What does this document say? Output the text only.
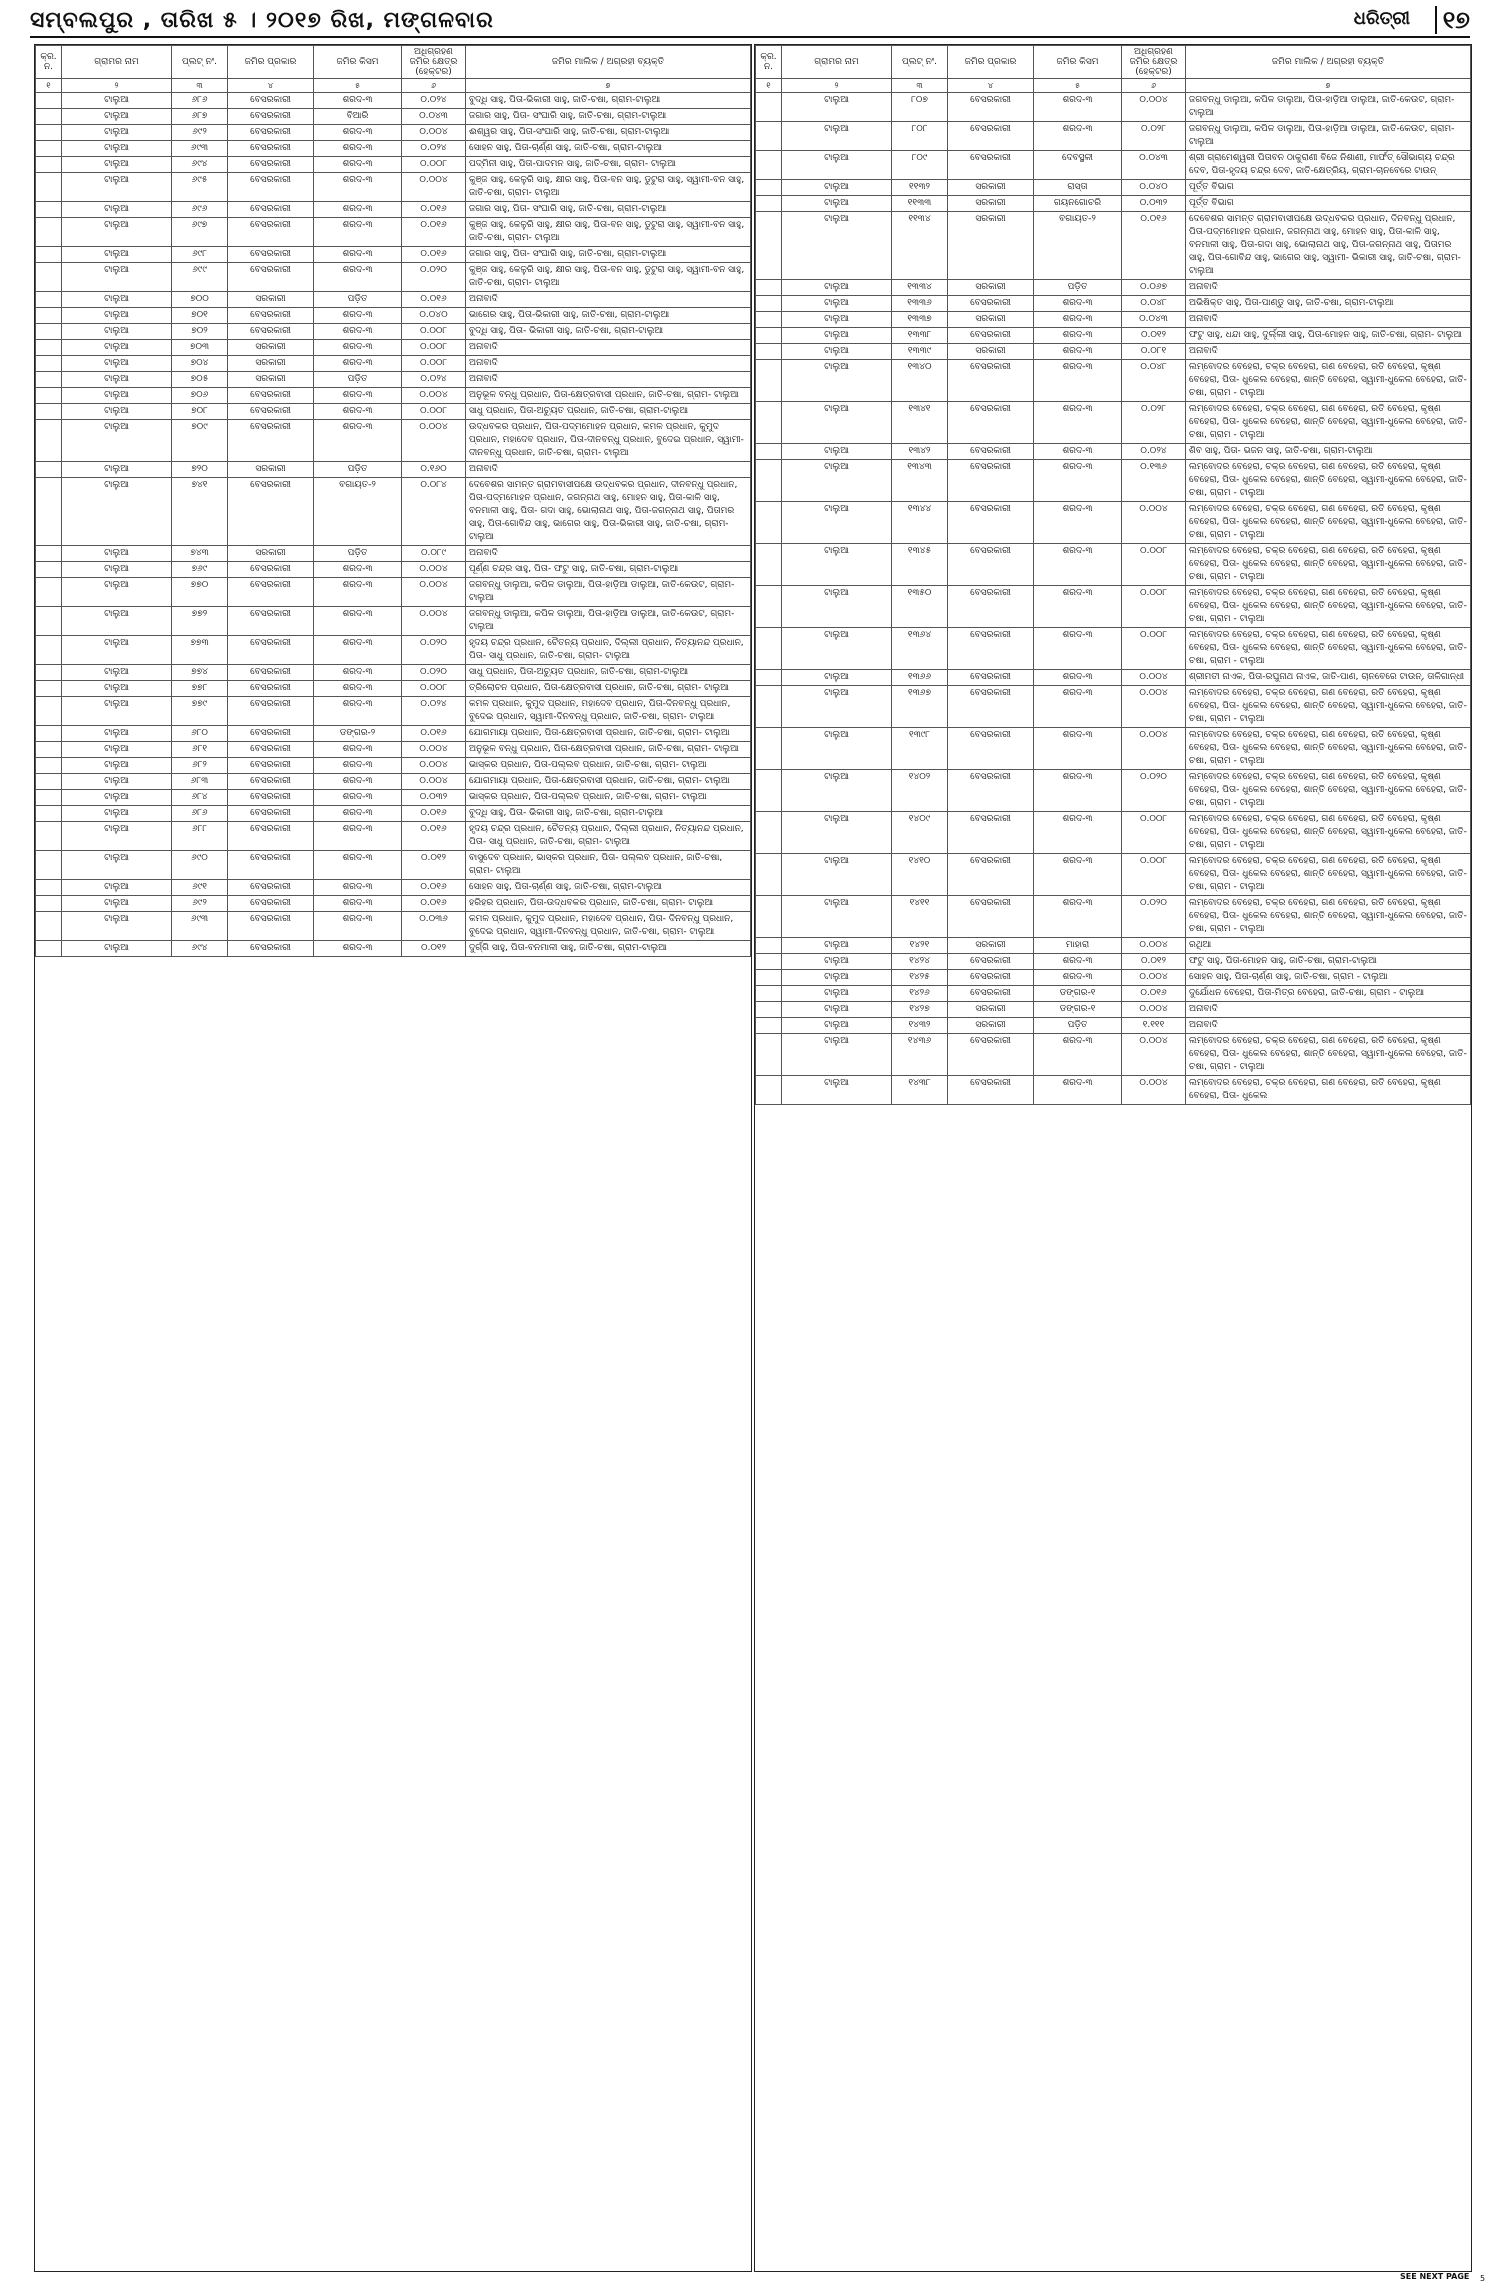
ସମ୍ବଲପୁର , ତାରିଖ ୫ । ୨୦୧୭ ରିଖ, ମଙ୍ଗଳବାର	ଧରିତ୍ରୀ	୧୭
କ୍ର. ନ.	ଗ୍ରାମର ନାମ	ପ୍ଲଟ୍ ନଂ.	ଜମିର ପ୍ରକାର	ଜମିର କିସମ	ଅଧିଗ୍ରହଣ ଜମିର କ୍ଷେତ୍ର (ହେକ୍ଟର)	ଜମିର ମାଲିକ / ଅଗ୍ରହୀ ବ୍ୟକ୍ତି
୧	୨	୩	୪	୫	୬	୭
	ଟାଲୁଆ	୬୮୬	ବେସରକାରୀ	ଶରଦ-୩	୦.୦୨୪	ବୁଦ୍ଧି ସାହୁ, ପିତା-ଭିକାରୀ ସାହୁ, ଜାତି-ଚଷା, ଗ୍ରାମ-ଟାଲୁଆ
	ଟାଲୁଆ	୬୮୭	ବେସରକାରୀ	ବିଆରି	୦.୦୪୩	ଜଗାର ସାହୁ, ପିତା- ସଂଘାରି ସାହୁ, ଜାତି-ଚଷା, ଗ୍ରାମ-ଟାଲୁଆ
	ଟାଲୁଆ	୬୯୨	ବେସରକାରୀ	ଶରଦ-୩	୦.୦୦୪	ଈଶ୍ୱର ସାହୁ, ପିତା-ସଂଘାରି ସାହୁ, ଜାତି-ଚଷା, ଗ୍ରାମ-ଟାଲୁଆ
	ଟାଲୁଆ	୬୯୩	ବେସରକାରୀ	ଶରଦ-୩	୦.୦୨୪	ସୋହନ ସାହୁ, ପିତା-ଚାର୍ଣ୍ଣ ସାହୁ, ଜାତି-ଚଷା, ଗ୍ରାମ-ଟାଲୁଆ
	ଟାଲୁଆ	୬୯୪	ବେସରକାରୀ	ଶରଦ-୩	୦.୦୦୮	ପଦ୍ମିନୀ ସାହୁ, ପିତା-ପାଦମନ ସାହୁ, ଜାତି-ଚଷା, ଗ୍ରାମ- ଟାଲୁଆ
	ଟାଲୁଆ	୬୯୫	ବେସରକାରୀ	ଶରଦ-୩	୦.୦୦୪	କୁଞ୍ଜ ସାହୁ, କେଳୁରି ସାହୁ, କ୍ଷୀର ସାହୁ, ପିତା-ବନ ସାହୁ, ଡୁଟୁରା ସାହୁ, ସ୍ୱାମୀ-ବନ ସାହୁ, ଜାତି-ଚଷା, ଗ୍ରାମ- ଟାଲୁଆ
	ଟାଲୁଆ	୬୯୬	ବେସରକାରୀ	ଶରଦ-୩	୦.୦୧୬	ଜଗାର ସାହୁ, ପିତା- ସଂଘାରି ସାହୁ, ଜାତି-ଚଷା, ଗ୍ରାମ-ଟାଲୁଆ
	ଟାଲୁଆ	୬୯୭	ବେସରକାରୀ	ଶରଦ-୩	୦.୦୧୬	କୁଞ୍ଜ ସାହୁ, କେଳୁରି ସାହୁ, କ୍ଷୀର ସାହୁ, ପିତା-ବନ ସାହୁ, ଡୁଟୁରା ସାହୁ, ସ୍ୱାମୀ-ବନ ସାହୁ, ଜାତି-ଚଷା, ଗ୍ରାମ- ଟାଲୁଆ
	ଟାଲୁଆ	୬୯୮	ବେସରକାରୀ	ଶରଦ-୩	୦.୦୧୬	ଜଗାର ସାହୁ, ପିତା- ସଂଘାରି ସାହୁ, ଜାତି-ଚଷା, ଗ୍ରାମ-ଟାଲୁଆ
	ଟାଲୁଆ	୬୯୯	ବେସରକାରୀ	ଶରଦ-୩	୦.୦୨୦	କୁଞ୍ଜ ସାହୁ, କେଳୁରି ସାହୁ, କ୍ଷୀର ସାହୁ, ପିତା-ବନ ସାହୁ, ଡୁଟୁରା ସାହୁ, ସ୍ୱାମୀ-ବନ ସାହୁ, ଜାତି-ଚଷା, ଗ୍ରାମ- ଟାଲୁଆ
	ଟାଲୁଆ	୭୦୦	ସରକାରୀ	ପଡ଼ିତ	୦.୦୧୬	ଅନାବାଦି
	ଟାଲୁଆ	୭୦୧	ବେସରକାରୀ	ଶରଦ-୩	୦.୦୪୦	ଭାଗେର ସାହୁ, ପିତା-ଭିକାରୀ ସାହୁ, ଜାତି-ଚଷା, ଗ୍ରାମ-ଟାଲୁଆ
	ଟାଲୁଆ	୭୦୨	ବେସରକାରୀ	ଶରଦ-୩	୦.୦୦୮	ବୁଦ୍ଧି ସାହୁ, ପିତା- ଭିକାରୀ ସାହୁ, ଜାତି-ଚଷା, ଗ୍ରାମ-ଟାଲୁଆ
	ଟାଲୁଆ	୭୦୩	ସରକାରୀ	ଶରଦ-୩	୦.୦୦୮	ଅନାବାଦି
	ଟାଲୁଆ	୭୦୪	ସରକାରୀ	ଶରଦ-୩	୦.୦୦୮	ଅନାବାଦି
	ଟାଲୁଆ	୭୦୫	ସରକାରୀ	ପଡ଼ିତ	୦.୦୨୪	ଅନାବାଦି
	ଟାଲୁଆ	୭୦୬	ବେସରକାରୀ	ଶରଦ-୩	୦.୦୦୪	ଅନୁଭୂଳ ବନ୍ଧୁ ପ୍ରଧାନ, ପିତା-କ୍ଷେତ୍ରବାସୀ ପ୍ରଧାନ, ଜାତି-ଚଷା, ଗ୍ରାମ- ଟାଲୁଆ
	ଟାଲୁଆ	୭୦୮	ବେସରକାରୀ	ଶରଦ-୩	୦.୦୦୮	ସାଧୁ ପ୍ରଧାନ, ପିତା-ଅଚ୍ୟୁତ ପ୍ରଧାନ, ଜାତି-ଚଷା, ଗ୍ରାମ-ଟାଲୁଆ
	ଟାଲୁଆ	୭୦୯	ବେସରକାରୀ	ଶରଦ-୩	୦.୦୦୪	ଉଦ୍ଧବକର ପ୍ରଧାନ, ପିତା-ପଦ୍ମମୋହନ ପ୍ରଧାନ, କମଳ ପ୍ରଧାନ, କୁମୁଦ ପ୍ରଧାନ, ମହାଦେବ ପ୍ରଧାନ, ପିତା-ଦୀନବନ୍ଧୁ ପ୍ରଧାନ, ବୁଦେଇ ପ୍ରଧାନ, ସ୍ୱାମୀ-ଦୀନବନ୍ଧୁ ପ୍ରଧାନ, ଜାତି-ଚଷା, ଗ୍ରାମ- ଟାଲୁଆ
	ଟାଲୁଆ	୭୨୦	ସରକାରୀ	ପଡ଼ିତ	୦.୧୬୦	ଅନାବାଦି
	ଟାଲୁଆ	୭୪୧	ବେସରକାରୀ	ବଗାୟତ-୨	୦.୦୮୪	ଦେବେଶର ସାମନ୍ତ ଗ୍ରାମବାସୀପକ୍ଷେ ଉଦ୍ଧବକର ପ୍ରଧାନ, ଦୀନବନ୍ଧୁ ପ୍ରଧାନ, ପିତା-ପଦ୍ମମୋହନ ପ୍ରଧାନ, ଜଗନ୍ନାଥ ସାହୁ, ମୋହନ ସାହୁ, ପିତା-କାଳି ସାହୁ, ବନମାଳୀ ସାହୁ, ପିତା- ଗଦା ସାହୁ, ଭୋଲାନାଥ ସାହୁ, ପିତା-ଜଗନ୍ନାଥ ସାହୁ, ପିତାମର ସାହୁ, ପିତା-ଗୋବିନ୍ଦ ସାହୁ, ଭାଗେର ସାହୁ, ପିତା-ଭିକାରୀ ସାହୁ, ଜାତି-ଚଷା, ଗ୍ରାମ- ଟାଲୁଆ
	ଟାଲୁଆ	୭୪୩	ସରକାରୀ	ପଡ଼ିତ	୦.୦୮୯	ଅନାବାଦି
	ଟାଲୁଆ	୭୬୯	ବେସରକାରୀ	ଶରଦ-୩	୦.୦୦୪	ପୂର୍ଣ୍ଣ ଚନ୍ଦ୍ର ସାହୁ, ପିତା- ଫଟୁ ସାହୁ, ଜାତି-ଚଷା, ଗ୍ରାମ-ଟାଲୁଆ
	ଟାଲୁଆ	୭୭୦	ବେସରକାରୀ	ଶରଦ-୩	୦.୦୦୪	ଜଗବନ୍ଧୁ ଡାଲୁଆ, କପିଳ ଡାଲୁଆ, ପିତା-ହାଡ଼ିଆ ଡାଲୁଆ, ଜାତି-କେଉଟ, ଗ୍ରାମ- ଟାଲୁଆ
	ଟାଲୁଆ	୭୭୨	ବେସରକାରୀ	ଶରଦ-୩	୦.୦୦୪	ଜଗବନ୍ଧୁ ଡାଲୁଆ, କପିଳ ଡାଲୁଆ, ପିତା-ହାଡ଼ିଆ ଡାଲୁଆ, ଜାତି-କେଉଟ, ଗ୍ରାମ- ଟାଲୁଆ
	ଟାଲୁଆ	୭୭୩	ବେସରକାରୀ	ଶରଦ-୩	୦.୦୨୦	ହୃଦୟ ଚନ୍ଦ୍ର ପ୍ରଧାନ, ଚୈତନ୍ୟ ପ୍ରଧାନ, ଦିଲ୍ଲୀ ପ୍ରଧାନ, ନିତ୍ୟାନନ୍ଦ ପ୍ରଧାନ, ପିତା- ସାଧୁ ପ୍ରଧାନ, ଜାତି-ଚଷା, ଗ୍ରାମ- ଟାଲୁଆ
	ଟାଲୁଆ	୭୭୪	ବେସରକାରୀ	ଶରଦ-୩	୦.୦୨୦	ସାଧୁ ପ୍ରଧାନ, ପିତା-ଅଚ୍ୟୁତ ପ୍ରଧାନ, ଜାତି-ଚଷା, ଗ୍ରାମ-ଟାଲୁଆ
	ଟାଲୁଆ	୭୭୮	ବେସରକାରୀ	ଶରଦ-୩	୦.୦୦୮	ତ୍ରିଲୋଚନ ପ୍ରଧାନ, ପିତା-କ୍ଷେତ୍ରବାସୀ ପ୍ରଧାନ, ଜାତି-ଚଷା, ଗ୍ରାମ- ଟାଲୁଆ
	ଟାଲୁଆ	୭୭୯	ବେସରକାରୀ	ଶରଦ-୩	୦.୦୨୪	କମଳ ପ୍ରଧାନ, କୁମୁଦ ପ୍ରଧାନ, ମହାଦେବ ପ୍ରଧାନ, ପିତା-ଦିନବନ୍ଧୁ ପ୍ରଧାନ, ବୁଦେଇ ପ୍ରଧାନ, ସ୍ୱାମୀ-ଦିନବନ୍ଧୁ ପ୍ରଧାନ, ଜାତି-ଚଷା, ଗ୍ରାମ- ଟାଲୁଆ
	ଟାଲୁଆ	୬୮୦	ବେସରକାରୀ	ଡଙ୍ଗର-୨	୦.୦୧୬	ଯୋଗମାୟା ପ୍ରଧାନ, ପିତା-କ୍ଷେତ୍ରବାସୀ ପ୍ରଧାନ, ଜାତି-ଚଷା, ଗ୍ରାମ- ଟାଲୁଆ
	ଟାଲୁଆ	୬୮୧	ବେସରକାରୀ	ଶରଦ-୩	୦.୦୦୪	ଅନୁଭୂଳ ବନ୍ଧୁ ପ୍ରଧାନ, ପିତା-କ୍ଷେତ୍ରବାସୀ ପ୍ରଧାନ, ଜାତି-ଚଷା, ଗ୍ରାମ- ଟାଲୁଆ
	ଟାଲୁଆ	୬୮୨	ବେସରକାରୀ	ଶରଦ-୩	୦.୦୦୪	ଭାସ୍କର ପ୍ରଧାନ, ପିତା-ପଲ୍ଲବ ପ୍ରଧାନ, ଜାତି-ଚଷା, ଗ୍ରାମ- ଟାଲୁଆ
	ଟାଲୁଆ	୬୮୩	ବେସରକାରୀ	ଶରଦ-୩	୦.୦୦୪	ଯୋଗମାୟା ପ୍ରଧାନ, ପିତା-କ୍ଷେତ୍ରବାସୀ ପ୍ରଧାନ, ଜାତି-ଚଷା, ଗ୍ରାମ- ଟାଲୁଆ
	ଟାଲୁଆ	୬୮୪	ବେସରକାରୀ	ଶରଦ-୩	୦.୦୩୨	ଭାସ୍କର ପ୍ରଧାନ, ପିତା-ପଲ୍ଲବ ପ୍ରଧାନ, ଜାତି-ଚଷା, ଗ୍ରାମ- ଟାଲୁଆ
	ଟାଲୁଆ	୬୮୬	ବେସରକାରୀ	ଶରଦ-୩	୦.୦୧୬	ବୁଦ୍ଧି ସାହୁ, ପିତା- ଭିକାରୀ ସାହୁ, ଜାତି-ଚଷା, ଗ୍ରାମ-ଟାଲୁଆ
	ଟାଲୁଆ	୬୮୮	ବେସରକାରୀ	ଶରଦ-୩	୦.୦୧୬	ହୃଦୟ ଚନ୍ଦ୍ର ପ୍ରଧାନ, ଚୈତନ୍ୟ ପ୍ରଧାନ, ଦିଲ୍ଲୀ ପ୍ରଧାନ, ନିତ୍ୟାନନ୍ଦ ପ୍ରଧାନ, ପିତା- ସାଧୁ ପ୍ରଧାନ, ଜାତି-ଚଷା, ଗ୍ରାମ- ଟାଲୁଆ
	ଟାଲୁଆ	୬୯୦	ବେସରକାରୀ	ଶରଦ-୩	୦.୦୧୨	ବାସୁଦେବ ପ୍ରଧାନ, ଭାସ୍କର ପ୍ରଧାନ, ପିତା- ପଲ୍ଲବ ପ୍ରଧାନ, ଜାତି-ଚଷା, ଗ୍ରାମ- ଟାଲୁଆ
	ଟାଲୁଆ	୬୯୧	ବେସରକାରୀ	ଶରଦ-୩	୦.୦୧୬	ସୋହନ ସାହୁ, ପିତା-ଚାର୍ଣ୍ଣ ସାହୁ, ଜାତି-ଚଷା, ଗ୍ରାମ-ଟାଲୁଆ
	ଟାଲୁଆ	୬୯୨	ବେସରକାରୀ	ଶରଦ-୩	୦.୦୧୬	ହରିହର ପ୍ରଧାନ, ପିତା-ଉଦ୍ଧବକର ପ୍ରଧାନ, ଜାତି-ଚଷା, ଗ୍ରାମ- ଟାଲୁଆ
	ଟାଲୁଆ	୬୯୩	ବେସରକାରୀ	ଶରଦ-୩	୦.୦୩୬	କମଳ ପ୍ରଧାନ, କୁମୁଦ ପ୍ରଧାନ, ମହାଦେବ ପ୍ରଧାନ, ପିତା- ଦିନବନ୍ଧୁ ପ୍ରଧାନ, ବୁଦେଇ ପ୍ରଧାନ, ସ୍ୱାମୀ-ଦିନବନ୍ଧୁ ପ୍ରଧାନ, ଜାତି-ଚଷା, ଗ୍ରାମ- ଟାଲୁଆ
	ଟାଲୁଆ	୬୯୪	ବେସରକାରୀ	ଶରଦ-୩	୦.୦୧୨	ଦୁର୍ଗ୍ଗି ସାହୁ, ପିତା-ବନମାଳୀ ସାହୁ, ଜାତି-ଚଷା, ଗ୍ରାମ-ଟାଲୁଆ
କ୍ର. ନ.	ଗ୍ରାମର ନାମ	ପ୍ଲଟ୍ ନଂ.	ଜମିର ପ୍ରକାର	ଜମିର କିସମ	ଅଧିଗ୍ରହଣ ଜମିର କ୍ଷେତ୍ର (ହେକ୍ଟର)	ଜମିର ମାଲିକ / ଅଗ୍ରହୀ ବ୍ୟକ୍ତି
୧	୨	୩	୪	୫	୬	୭
	ଟାଲୁଆ	୮୦୭	ବେସରକାରୀ	ଶରଦ-୩	୦.୦୦୪	ଜଗବନ୍ଧୁ ଡାଲୁଆ, କପିଳ ଡାଲୁଆ, ପିତା-ହାଡ଼ିଆ ଡାଲୁଆ, ଜାତି-କେଉଟ, ଗ୍ରାମ- ଟାଲୁଆ
	ଟାଲୁଆ	୮୦୮	ବେସରକାରୀ	ଶରଦ-୩	୦.୦୨୮	ଜଗବନ୍ଧୁ ଡାଲୁଆ, କପିଳ ଡାଲୁଆ, ପିତା-ହାଡ଼ିଆ ଡାଲୁଆ, ଜାତି-କେଉଟ, ଗ୍ରାମ- ଟାଲୁଆ
	ଟାଲୁଆ	୮୦୯	ବେସରକାରୀ	ଦେବସ୍ଥଳୀ	୦.୦୪୩	ଶ୍ରୀ ଗ୍ରାମେଶ୍ୱରୀ ପିତାବନ ଠାକୁରାଣୀ ବିଜେ ନିଶାଣୀ, ମାର୍ଫତ୍ ସୌଭାଗ୍ୟ ଚନ୍ଦ୍ର ଦେବ, ପିତା-ହୃଦୟ ଚନ୍ଦ୍ର ଦେବ, ଜାତି-କ୍ଷେତ୍ରିୟ, ଗ୍ରାମ-ଚାନବେରେ ଟାଉନ୍
	ଟାଲୁଆ	୧୧୩୨	ସରକାରୀ	ରାସ୍ତା	୦.୦୪୦	ପୂର୍ତ୍ତ ବିଭାଗ
	ଟାଲୁଆ	୧୧୩୩	ସରକାରୀ	ଗୟନଗୋଚରି	୦.୦୩୨	ପୂର୍ତ୍ତ ବିଭାଗ
	ଟାଲୁଆ	୧୧୩୪	ସରକାରୀ	ବଗାୟତ-୨	୦.୦୧୬	ଦେବେଶର ସାମନ୍ତ ଗ୍ରାମବାସୀପକ୍ଷେ ଉଦ୍ଧବକର ପ୍ରଧାନ, ଦିନବନ୍ଧୁ ପ୍ରଧାନ, ପିତା-ପଦ୍ମମୋହନ ପ୍ରଧାନ, ଜଗନ୍ନାଥ ସାହୁ, ମୋହନ ସାହୁ, ପିତା-କାଳି ସାହୁ, ବନମାଳୀ ସାହୁ, ପିତା-ଗଦା ସାହୁ, ଭୋଲାନାଥ ସାହୁ, ପିତା-ଜଗନ୍ନାଥ ସାହୁ, ପିତାମର ସାହୁ, ପିତା-ଗୋବିନ୍ଦ ସାହୁ, ଭାଗେର ସାହୁ, ସ୍ୱାମୀ- ଭିକାରୀ ସାହୁ, ଜାତି-ଚଷା, ଗ୍ରାମ- ଟାଲୁଆ
	ଟାଲୁଆ	୧୩୩୪	ସରକାରୀ	ପଡ଼ିତ	୦.୦୬୭	ଅନାବାଦି
	ଟାଲୁଆ	୧୩୩୬	ବେସରକାରୀ	ଶରଦ-୩	୦.୦୪୮	ଅଭିଷିକ୍ତ ସାହୁ, ପିତା-ପାଣ୍ଡୁ ସାହୁ, ଜାତି-ଚଷା, ଗ୍ରାମ-ଟାଲୁଆ
	ଟାଲୁଆ	୧୩୩୭	ସରକାରୀ	ଶରଦ-୩	୦.୦୪୩	ଅନାବାଦି
	ଟାଲୁଆ	୧୩୩୮	ବେସରକାରୀ	ଶରଦ-୩	୦.୦୧୨	ଫଟୁ ସାହୁ, ଧନ୍ଦା ସାହୁ, ଦୁର୍ଲ୍ଲୀ ସାହୁ, ପିତା-ମୋହନ ସାହୁ, ଜାତି-ଚଷା, ଗ୍ରାମ- ଟାଲୁଆ
	ଟାଲୁଆ	୧୩୩୯	ସରକାରୀ	ଶରଦ-୩	୦.୦୮୧	ଅନାବାଦି
	ଟାଲୁଆ	୧୩୪୦	ବେସରକାରୀ	ଶରଦ-୩	୦.୦୪୮	ଲମ୍ବୋଦର ବେହେରା, ଚକ୍ର ବେହେରା, ଗଣ ବେହେରା, ରତି ବେହେରା, କୃଷ୍ଣ ବେହେରା, ପିତା- ଧୁକେଲ ବେହେରା, ଶାନ୍ତି ବେହେରା, ସ୍ୱାମୀ-ଧୁକେଲ ବେହେରା, ଜାତି-ଚଷା, ଗ୍ରାମ - ଟାଲୁଆ
	ଟାଲୁଆ	୧୩୪୧	ବେସରକାରୀ	ଶରଦ-୩	୦.୦୨୮	ଲମ୍ବୋଦର ବେହେରା, ଚକ୍ର ବେହେରା, ଗଣ ବେହେରା, ରତି ବେହେରା, କୃଷ୍ଣ ବେହେରା, ପିତା- ଧୁକେଲ ବେହେରା, ଶାନ୍ତି ବେହେରା, ସ୍ୱାମୀ-ଧୁକେଲ ବେହେରା, ଜାତି-ଚଷା, ଗ୍ରାମ - ଟାଲୁଆ
	ଟାଲୁଆ	୧୩୪୨	ବେସରକାରୀ	ଶରଦ-୩	୦.୦୨୪	ଶିବ ସାହୁ, ପିତା- ଭଜନ ସାହୁ, ଜାତି-ଚଷା, ଗ୍ରାମ-ଟାଲୁଆ
	ଟାଲୁଆ	୧୩୪୩	ବେସରକାରୀ	ଶରଦ-୩	୦.୧୩୬	ଲମ୍ବୋଦର ବେହେରା, ଚକ୍ର ବେହେରା, ଗଣ ବେହେରା, ରତି ବେହେରା, କୃଷ୍ଣ ବେହେରା, ପିତା- ଧୁକେଲ ବେହେରା, ଶାନ୍ତି ବେହେରା, ସ୍ୱାମୀ-ଧୁକେଲ ବେହେରା, ଜାତି-ଚଷା, ଗ୍ରାମ - ଟାଲୁଆ
	ଟାଲୁଆ	୧୩୪୪	ବେସରକାରୀ	ଶରଦ-୩	୦.୦୦୪	ଲମ୍ବୋଦର ବେହେରା, ଚକ୍ର ବେହେରା, ଗଣ ବେହେରା, ରତି ବେହେରା, କୃଷ୍ଣ ବେହେରା, ପିତା- ଧୁକେଲ ବେହେରା, ଶାନ୍ତି ବେହେରା, ସ୍ୱାମୀ-ଧୁକେଲ ବେହେରା, ଜାତି-ଚଷା, ଗ୍ରାମ - ଟାଲୁଆ
	ଟାଲୁଆ	୧୩୪୫	ବେସରକାରୀ	ଶରଦ-୩	୦.୦୦୮	ଲମ୍ବୋଦର ବେହେରା, ଚକ୍ର ବେହେରା, ଗଣ ବେହେରା, ରତି ବେହେରା, କୃଷ୍ଣ ବେହେରା, ପିତା- ଧୁକେଲ ବେହେରା, ଶାନ୍ତି ବେହେରା, ସ୍ୱାମୀ-ଧୁକେଲ ବେହେରା, ଜାତି-ଚଷା, ଗ୍ରାମ - ଟାଲୁଆ
	ଟାଲୁଆ	୧୩୫୦	ବେସରକାରୀ	ଶରଦ-୩	୦.୦୦୮	ଲମ୍ବୋଦର ବେହେରା, ଚକ୍ର ବେହେରା, ଗଣ ବେହେରା, ରତି ବେହେରା, କୃଷ୍ଣ ବେହେରା, ପିତା- ଧୁକେଲ ବେହେରା, ଶାନ୍ତି ବେହେରା, ସ୍ୱାମୀ-ଧୁକେଲ ବେହେରା, ଜାତି-ଚଷା, ଗ୍ରାମ - ଟାଲୁଆ
	ଟାଲୁଆ	୧୩୬୪	ବେସରକାରୀ	ଶରଦ-୩	୦.୦୦୮	ଲମ୍ବୋଦର ବେହେରା, ଚକ୍ର ବେହେରା, ଗଣ ବେହେରା, ରତି ବେହେରା, କୃଷ୍ଣ ବେହେରା, ପିତା- ଧୁକେଲ ବେହେରା, ଶାନ୍ତି ବେହେରା, ସ୍ୱାମୀ-ଧୁକେଲ ବେହେରା, ଜାତି-ଚଷା, ଗ୍ରାମ - ଟାଲୁଆ
	ଟାଲୁଆ	୧୩୬୬	ବେସରକାରୀ	ଶରଦ-୩	୦.୦୦୪	ଶ୍ରୀମତୀ ନାଏକ, ପିତା-ରଘୁନାଥ ନାଏକ, ଜାତି-ପାଣ, ଚାନବେରେ ଟାଉନ୍, ତାଳିଗାନ୍ଧୀ
	ଟାଲୁଆ	୧୩୬୭	ବେସରକାରୀ	ଶରଦ-୩	୦.୦୦୪	ଲମ୍ବୋଦର ବେହେରା, ଚକ୍ର ବେହେରା, ଗଣ ବେହେରା, ରତି ବେହେରା, କୃଷ୍ଣ ବେହେରା, ପିତା- ଧୁକେଲ ବେହେରା, ଶାନ୍ତି ବେହେରା, ସ୍ୱାମୀ-ଧୁକେଲ ବେହେରା, ଜାତି-ଚଷା, ଗ୍ରାମ - ଟାଲୁଆ
	ଟାଲୁଆ	୧୩୯୮	ବେସରକାରୀ	ଶରଦ-୩	୦.୦୦୪	ଲମ୍ବୋଦର ବେହେରା, ଚକ୍ର ବେହେରା, ଗଣ ବେହେରା, ରତି ବେହେରା, କୃଷ୍ଣ ବେହେରା, ପିତା- ଧୁକେଲ ବେହେରା, ଶାନ୍ତି ବେହେରା, ସ୍ୱାମୀ-ଧୁକେଲ ବେହେରା, ଜାତି-ଚଷା, ଗ୍ରାମ - ଟାଲୁଆ
	ଟାଲୁଆ	୧୪୦୨	ବେସରକାରୀ	ଶରଦ-୩	୦.୦୨୦	ଲମ୍ବୋଦର ବେହେରା, ଚକ୍ର ବେହେରା, ଗଣ ବେହେରା, ରତି ବେହେରା, କୃଷ୍ଣ ବେହେରା, ପିତା- ଧୁକେଲ ବେହେରା, ଶାନ୍ତି ବେହେରା, ସ୍ୱାମୀ-ଧୁକେଲ ବେହେରା, ଜାତି-ଚଷା, ଗ୍ରାମ - ଟାଲୁଆ
	ଟାଲୁଆ	୧୪୦୯	ବେସରକାରୀ	ଶରଦ-୩	୦.୦୦୮	ଲମ୍ବୋଦର ବେହେରା, ଚକ୍ର ବେହେରା, ଗଣ ବେହେରା, ରତି ବେହେରା, କୃଷ୍ଣ ବେହେରା, ପିତା- ଧୁକେଲ ବେହେରା, ଶାନ୍ତି ବେହେରା, ସ୍ୱାମୀ-ଧୁକେଲ ବେହେରା, ଜାତି-ଚଷା, ଗ୍ରାମ - ଟାଲୁଆ
	ଟାଲୁଆ	୧୪୧୦	ବେସରକାରୀ	ଶରଦ-୩	୦.୦୦୮	ଲମ୍ବୋଦର ବେହେରା, ଚକ୍ର ବେହେରା, ଗଣ ବେହେରା, ରତି ବେହେରା, କୃଷ୍ଣ ବେହେରା, ପିତା- ଧୁକେଲ ବେହେରା, ଶାନ୍ତି ବେହେରା, ସ୍ୱାମୀ-ଧୁକେଲ ବେହେରା, ଜାତି-ଚଷା, ଗ୍ରାମ - ଟାଲୁଆ
	ଟାଲୁଆ	୧୪୧୧	ବେସରକାରୀ	ଶରଦ-୩	୦.୦୨୦	ଲମ୍ବୋଦର ବେହେରା, ଚକ୍ର ବେହେରା, ଗଣ ବେହେରା, ରତି ବେହେରା, କୃଷ୍ଣ ବେହେରା, ପିତା- ଧୁକେଲ ବେହେରା, ଶାନ୍ତି ବେହେରା, ସ୍ୱାମୀ-ଧୁକେଲ ବେହେରା, ଜାତି-ଚଷା, ଗ୍ରାମ - ଟାଲୁଆ
	ଟାଲୁଆ	୧୪୨୧	ସରକାରୀ	ମାହାରା	୦.୦୦୪	ରଥିଆ
	ଟାଲୁଆ	୧୪୨୪	ବେସରକାରୀ	ଶରଦ-୩	୦.୦୧୨	ଫଟୁ ସାହୁ, ପିତା-ମୋହନ ସାହୁ, ଜାତି-ଚଷା, ଗ୍ରାମ-ଟାଲୁଆ
	ଟାଲୁଆ	୧୪୨୫	ବେସରକାରୀ	ଶରଦ-୩	୦.୦୦୪	ସୋହନ ସାହୁ, ପିତା-ଚାର୍ଣ୍ଣ ସାହୁ, ଜାତି-ଚଷା, ଗ୍ରାମ - ଟାଲୁଆ
	ଟାଲୁଆ	୧୪୨୬	ବେସରକାରୀ	ଡଙ୍ଗର-୧	୦.୦୧୬	ଦୁର୍ଯୋଧନ ବେହେରା, ପିତା-ମିତ୍ର ବେହେରା, ଜାତି-ଚଷା, ଗ୍ରାମ - ଟାଲୁଆ
	ଟାଲୁଆ	୧୪୨୭	ସରକାରୀ	ଡଙ୍ଗର-୧	୦.୦୦୪	ଅନାବାଦି
	ଟାଲୁଆ	୧୪୩୨	ସରକାରୀ	ପଡ଼ିତ	୧.୧୧୧	ଅନାବାଦି
	ଟାଲୁଆ	୧୪୩୬	ବେସରକାରୀ	ଶରଦ-୩	୦.୦୦୪	ଲମ୍ବୋଦର ବେହେରା, ଚକ୍ର ବେହେରା, ଗଣ ବେହେରା, ରତି ବେହେରା, କୃଷ୍ଣ ବେହେରା, ପିତା- ଧୁକେଲ ବେହେରା, ଶାନ୍ତି ବେହେରା, ସ୍ୱାମୀ-ଧୁକେଲ ବେହେରା, ଜାତି-ଚଷା, ଗ୍ରାମ - ଟାଲୁଆ
	ଟାଲୁଆ	୧୪୩୮	ବେସରକାରୀ	ଶରଦ-୩	୦.୦୦୪	ଲମ୍ବୋଦର ବେହେରା, ଚକ୍ର ବେହେରା, ଗଣ ବେହେରା, ରତି ବେହେରା, କୃଷ୍ଣ ବେହେରା, ପିତା- ଧୁକେଲ
SEE NEXT PAGE 5
